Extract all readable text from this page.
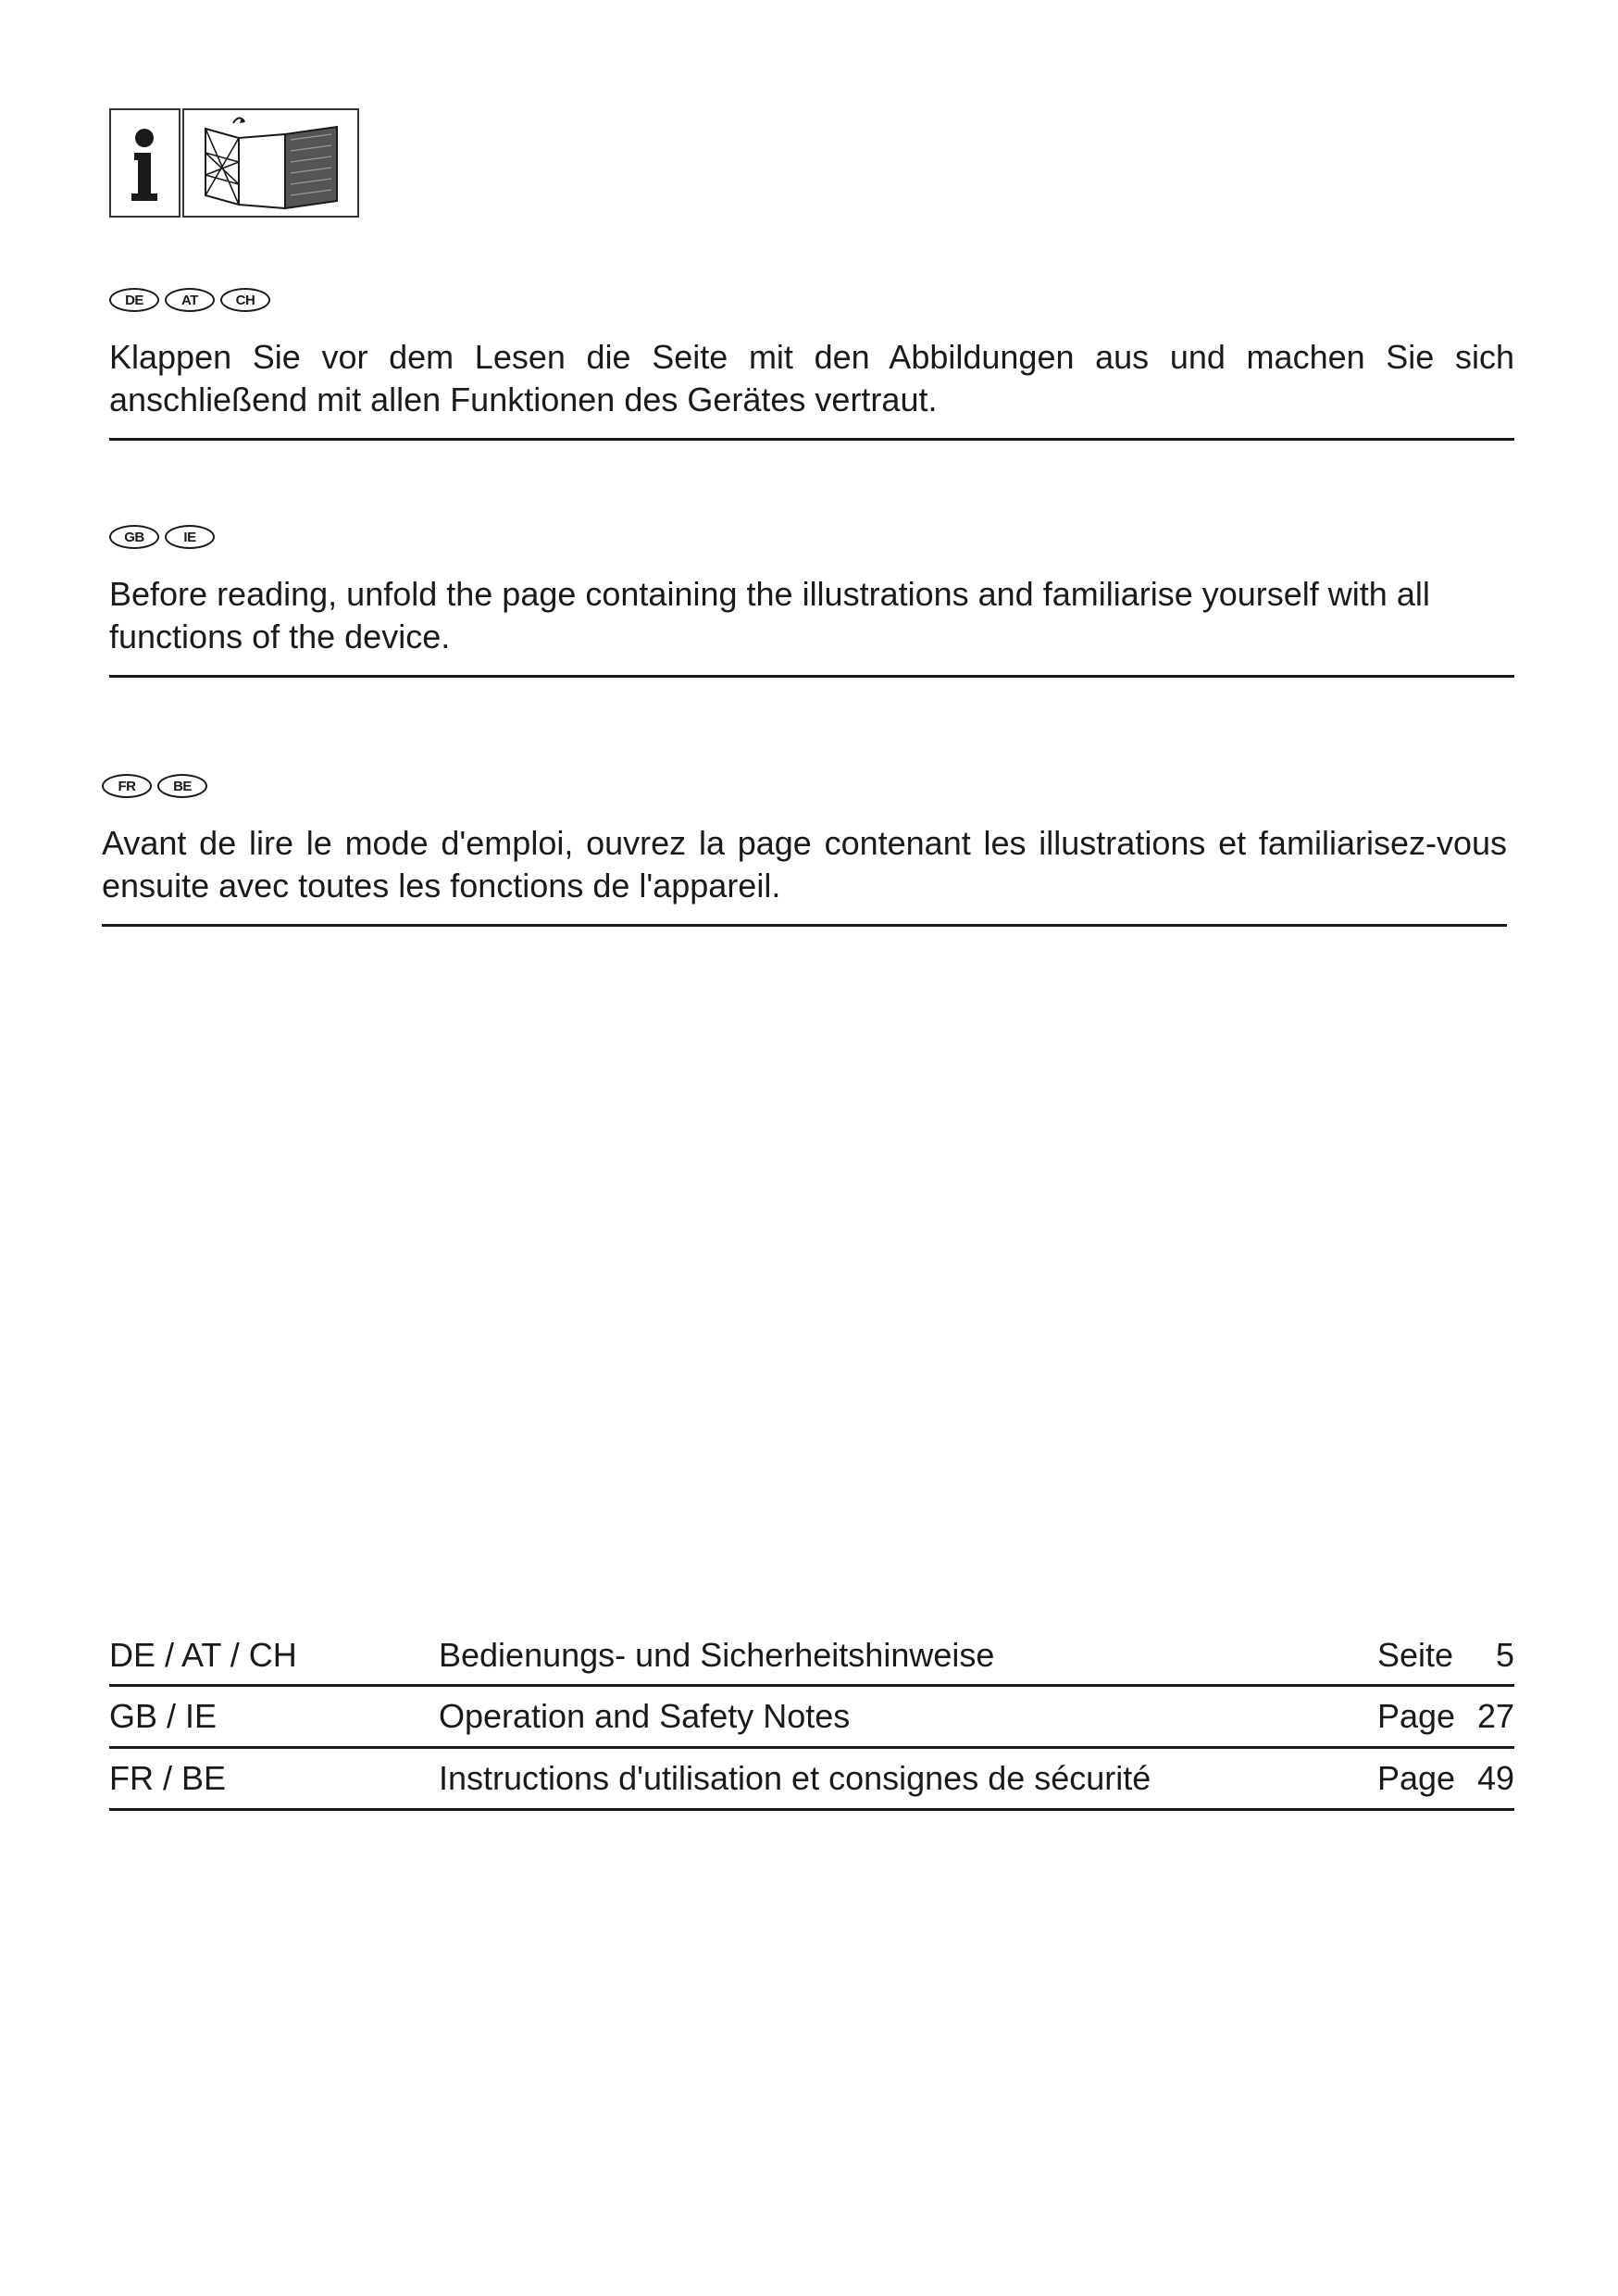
DE	AT	CH
Klappen Sie vor dem Lesen die Seite mit den Abbildungen aus und machen Sie sich anschließend mit allen Funktionen des Gerätes vertraut.
GB	IE
Before reading, unfold the page containing the illustrations and familiarise yourself with all functions of the device.
FR	BE
Avant de lire le mode d'emploi, ouvrez la page contenant les illustrations et familiarisez-vous ensuite avec toutes les fonctions de l'appareil.
DE / AT / CH	Bedienungs- und Sicherheitshinweise	Seite	5
GB / IE	Operation and Safety Notes	Page 27
FR / BE	Instructions d'utilisation et consignes de sécurité	Page 49
